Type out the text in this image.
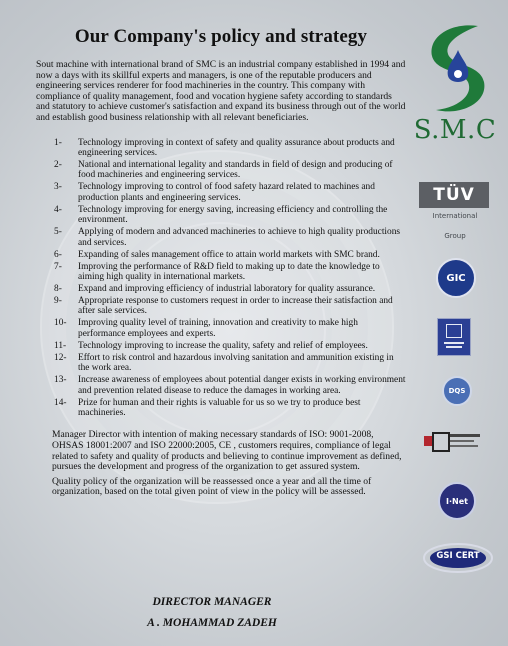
Our Company's policy and strategy

Sout machine with international brand of SMC is an industrial company established in 1994 and now a days with its skillful experts and managers, is one of the reputable producers and engineering services renderer for food machineries in the country. This company with compliance of quality management, food and vocation hygiene safety according to standards and statutory to achieve customer's satisfaction and expand its business through out of the world and establish good business relationship with all relevant beneficiaries.

1-	Technology improving in context of safety and quality assurance about products and engineering services.
2-	National and international legality and standards in field of design and producing of food machineries and engineering services.
3-	Technology improving to control of food safety hazard related to machines and production plants and engineering services.
4-	Technology improving for energy saving, increasing efficiency and controlling the environment.
5-	Applying of modern and advanced machineries to achieve to high quality productions and services.
6-	Expanding of sales management office to attain world markets with SMC brand.
7-	Improving the performance of R&D field to making up to date the knowledge to aiming high quality in international markets.
8-	Expand and improving efficiency of industrial laboratory for quality assurance.
9-	Appropriate response to customers request in order to increase their satisfaction and after sale services.
10-	Improving quality level of training, innovation and creativity to make high performance employees and experts.
11-	Technology improving to increase the quality, safety and relief of employees.
12-	Effort to risk control and hazardous involving sanitation and ammunition existing in the work area.
13-	Increase awareness of employees about potential danger exists in working environment and prevention related disease to reduce the damages in working area.
14-	Prize for human and their rights is valuable for us so we try to produce best machineries.

Manager Director with intention of making necessary standards of ISO: 9001-2008, OHSAS 18001:2007 and ISO 22000:2005, CE , customers requires, compliance of legal related to safety and quality of products and believing to continue improvement as defined, pursues the development and progress of the organization to get assured system.

Quality policy of the organization will be reassessed once a year and all the time of organization, based on the total given point of view in the policy will be assessed.

DIRECTOR MANAGER
A . MOHAMMAD ZADEH
S.M.C
TÜV
International
Group
GIC
DQS
I·Net
GSI CERT
